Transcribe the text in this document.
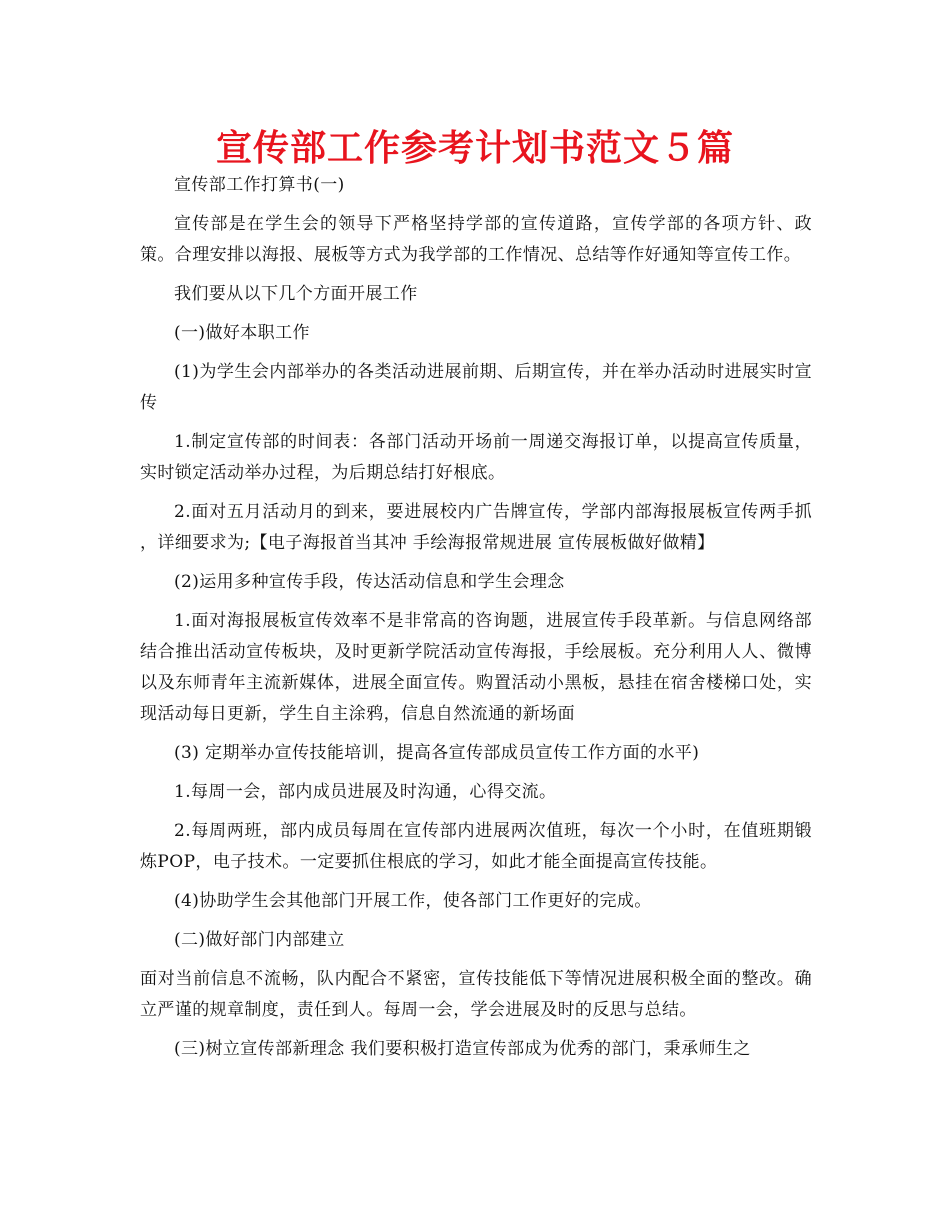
宣传部工作参考计划书范文５篇

宣传部工作打算书(一)

宣传部是在学生会的领导下严格坚持学部的宣传道路，宣传学部的各项方针、政策。合理安排以海报、展板等方式为我学部的工作情况、总结等作好通知等宣传工作。

我们要从以下几个方面开展工作

(一)做好本职工作

(1)为学生会内部举办的各类活动进展前期、后期宣传，并在举办活动时进展实时宣传

1.制定宣传部的时间表：各部门活动开场前一周递交海报订单，以提高宣传质量，实时锁定活动举办过程，为后期总结打好根底。

2.面对五月活动月的到来，要进展校内广告牌宣传，学部内部海报展板宣传两手抓 ，详细要求为;【电子海报首当其冲 手绘海报常规进展 宣传展板做好做精】

(2)运用多种宣传手段，传达活动信息和学生会理念

1.面对海报展板宣传效率不是非常高的咨询题，进展宣传手段革新。与信息网络部结合推出活动宣传板块，及时更新学院活动宣传海报，手绘展板。充分利用人人、微博以及东师青年主流新媒体，进展全面宣传。购置活动小黑板，悬挂在宿舍楼梯口处，实现活动每日更新，学生自主涂鸦，信息自然流通的新场面

(3) 定期举办宣传技能培训，提高各宣传部成员宣传工作方面的水平)

1.每周一会，部内成员进展及时沟通，心得交流。

2.每周两班，部内成员每周在宣传部内进展两次值班，每次一个小时，在值班期锻炼POP，电子技术。一定要抓住根底的学习，如此才能全面提高宣传技能。

(4)协助学生会其他部门开展工作，使各部门工作更好的完成。

(二)做好部门内部建立

面对当前信息不流畅，队内配合不紧密，宣传技能低下等情况进展积极全面的整改。确立严谨的规章制度，责任到人。每周一会，学会进展及时的反思与总结。

(三)树立宣传部新理念 我们要积极打造宣传部成为优秀的部门，秉承师生之
